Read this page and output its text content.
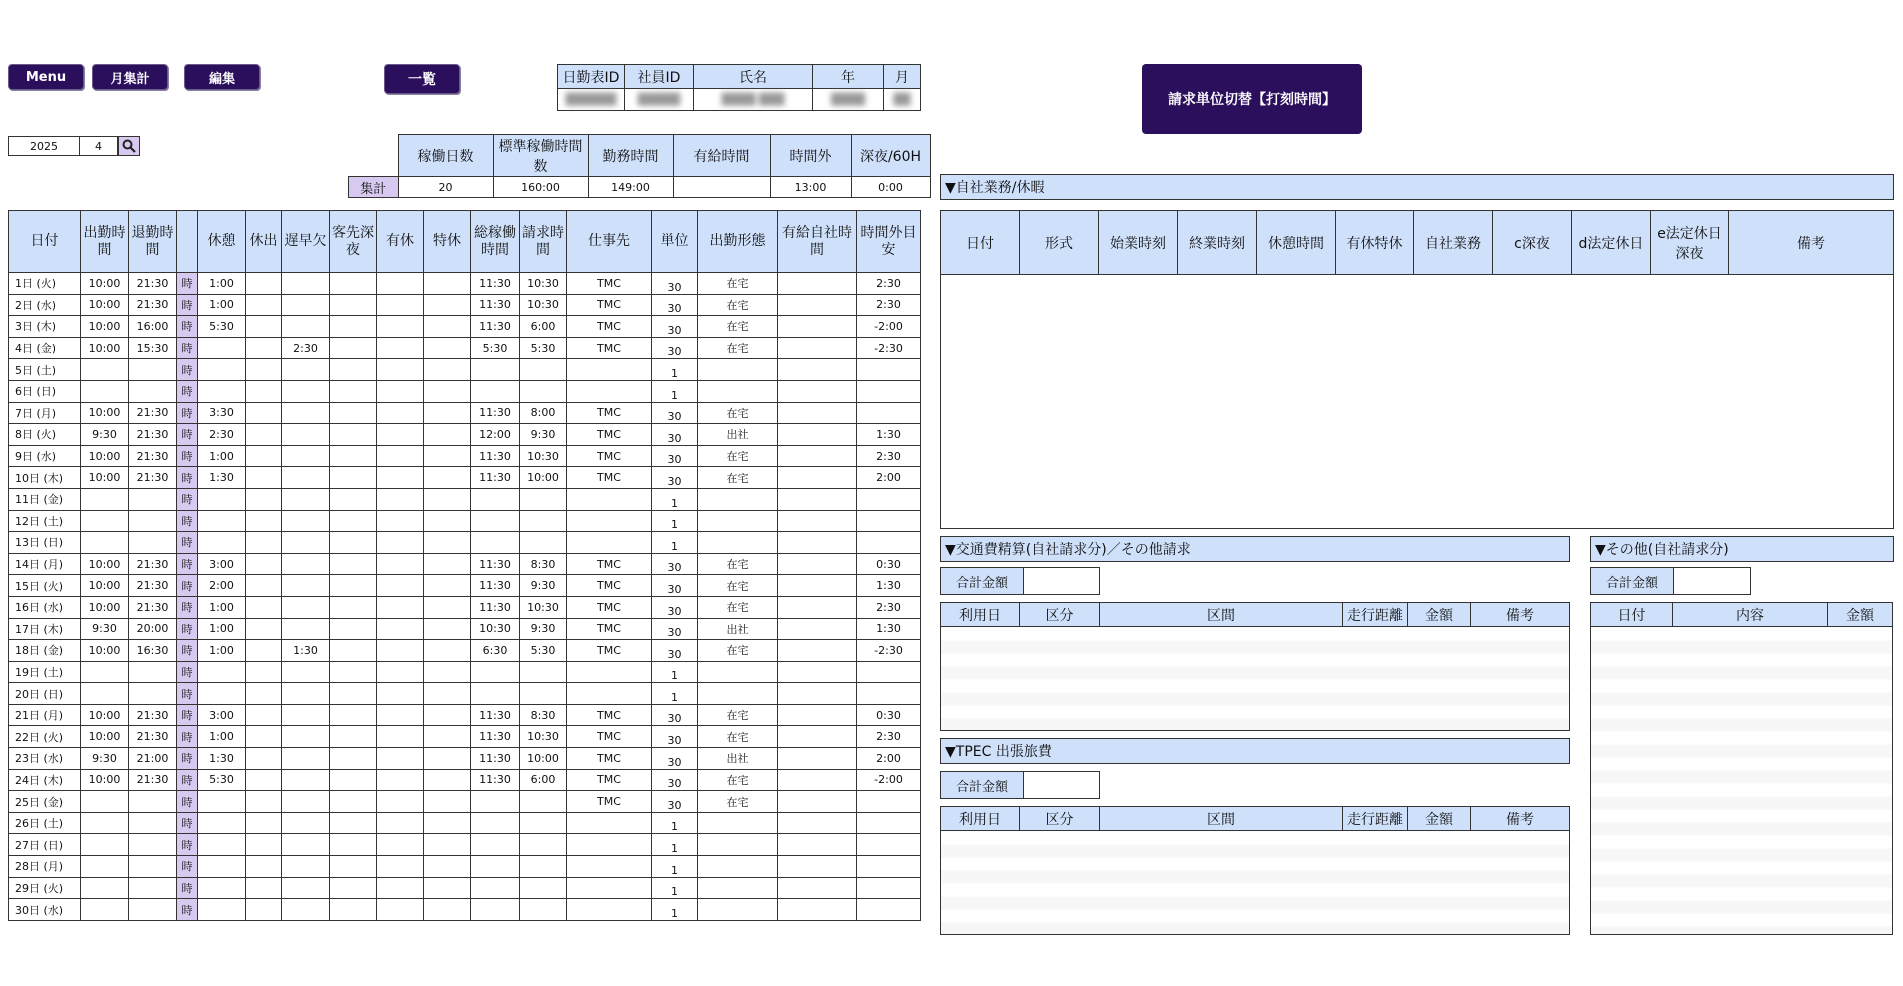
Menu	月集計	編集	一覧	日勤表ID	社員ID	氏名	年	月
██████	█████	████ ███	████	██	請求単位切替【打刻時間】
2025	4
	稼働日数	標準稼働時間数	勤務時間	有給時間	時間外	深夜/60H
集計	20	160:00	149:00		13:00	0:00
日付	出勤時間	退勤時間		休憩	休出	遅早欠	客先深夜	有休	特休	総稼働時間	請求時間	仕事先	単位	出勤形態	有給自社時間	時間外目安
1日 (火)	10:00	21:30	時	1:00						11:30	10:30	TMC	30	在宅		2:30
2日 (水)	10:00	21:30	時	1:00						11:30	10:30	TMC	30	在宅		2:30
3日 (木)	10:00	16:00	時	5:30						11:30	6:00	TMC	30	在宅		-2:00
4日 (金)	10:00	15:30	時			2:30				5:30	5:30	TMC	30	在宅		-2:30
5日 (土)			時										1			
6日 (日)			時										1			
7日 (月)	10:00	21:30	時	3:30						11:30	8:00	TMC	30	在宅		
8日 (火)	9:30	21:30	時	2:30						12:00	9:30	TMC	30	出社		1:30
9日 (水)	10:00	21:30	時	1:00						11:30	10:30	TMC	30	在宅		2:30
10日 (木)	10:00	21:30	時	1:30						11:30	10:00	TMC	30	在宅		2:00
11日 (金)			時										1			
12日 (土)			時										1			
13日 (日)			時										1			
14日 (月)	10:00	21:30	時	3:00						11:30	8:30	TMC	30	在宅		0:30
15日 (火)	10:00	21:30	時	2:00						11:30	9:30	TMC	30	在宅		1:30
16日 (水)	10:00	21:30	時	1:00						11:30	10:30	TMC	30	在宅		2:30
17日 (木)	9:30	20:00	時	1:00						10:30	9:30	TMC	30	出社		1:30
18日 (金)	10:00	16:30	時	1:00		1:30				6:30	5:30	TMC	30	在宅		-2:30
19日 (土)			時										1			
20日 (日)			時										1			
21日 (月)	10:00	21:30	時	3:00						11:30	8:30	TMC	30	在宅		0:30
22日 (火)	10:00	21:30	時	1:00						11:30	10:30	TMC	30	在宅		2:30
23日 (水)	9:30	21:00	時	1:30						11:30	10:00	TMC	30	出社		2:00
24日 (木)	10:00	21:30	時	5:30						11:30	6:00	TMC	30	在宅		-2:00
25日 (金)			時									TMC	30	在宅		
26日 (土)			時										1			
27日 (日)			時										1			
28日 (月)			時										1			
29日 (火)			時										1			
30日 (水)			時										1			
▼自社業務/休暇
日付	形式	始業時刻	終業時刻	休憩時間	有休特休	自社業務	c深夜	d法定休日	e法定休日深夜	備考

▼交通費精算(自社請求分)／その他請求
合計金額
利用日	区分	区間	走行距離	金額	備考

▼TPEC 出張旅費
合計金額
利用日	区分	区間	走行距離	金額	備考

▼その他(自社請求分)
合計金額
日付	内容	金額
